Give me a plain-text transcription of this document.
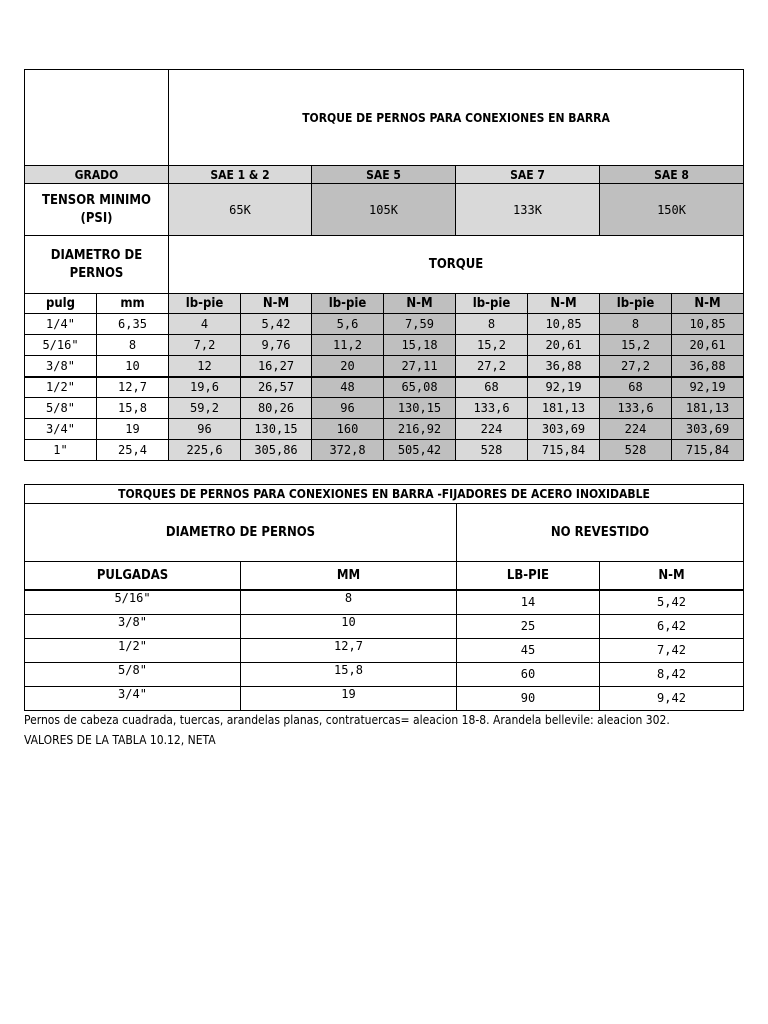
		TORQUE DE PERNOS PARA CONEXIONES EN BARRA							
GRADO		SAE 1 & 2		SAE 5		SAE 7		SAE 8	
TENSOR MINIMO (PSI)		65K		105K		133K		150K	
DIAMETRO DE PERNOS		TORQUE							
pulg	mm	lb-pie	N-M	lb-pie	N-M	lb-pie	N-M	lb-pie	N-M
1/4"	6,35	4	5,42	5,6	7,59	8	10,85	8	10,85
5/16"	8	7,2	9,76	11,2	15,18	15,2	20,61	15,2	20,61
3/8"	10	12	16,27	20	27,11	27,2	36,88	27,2	36,88
1/2"	12,7	19,6	26,57	48	65,08	68	92,19	68	92,19
5/8"	15,8	59,2	80,26	96	130,15	133,6	181,13	133,6	181,13
3/4"	19	96	130,15	160	216,92	224	303,69	224	303,69
1"	25,4	225,6	305,86	372,8	505,42	528	715,84	528	715,84
TORQUES DE PERNOS PARA CONEXIONES EN BARRA -FIJADORES DE ACERO INOXIDABLE			
DIAMETRO DE PERNOS		NO REVESTIDO	
PULGADAS	MM	LB-PIE	N-M
5/16"	8	14	5,42
3/8"	10	25	6,42
1/2"	12,7	45	7,42
5/8"	15,8	60	8,42
3/4"	19	90	9,42
Pernos de cabeza cuadrada, tuercas, arandelas planas, contratuercas= aleacion 18-8. Arandela bellevile: aleacion 302.
VALORES DE LA TABLA 10.12, NETA
